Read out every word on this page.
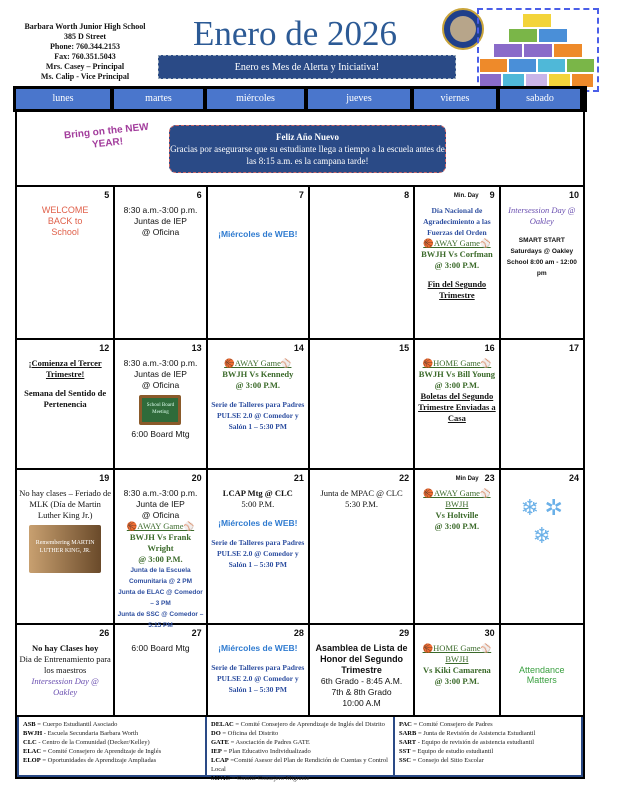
Barbara Worth Junior High School
385 D Street
Phone: 760.344.2153
Fax: 760.351.5043
Mrs. Casey – Principal
Ms. Calip - Vice Principal
Enero de 2026
Enero es Mes de Alerta y Iniciativa!
lunes	martes	miércoles	jueves	viernes	sabado
Bring on the NEW YEAR!	Feliz Año Nuevo
Gracias por asegurarse que su estudiante llega a tiempo a la escuela antes de las 8:15 a.m. es la campana tarde!
5
WELCOME BACK to School
6
8:30 a.m.-3:00 p.m.
Juntas de IEP
@ Oficina
7
¡Miércoles de WEB!
8	9
Min. Day
Día Nacional de Agradecimiento a las Fuerzas del Orden
🏀AWAY Game⚾
BWJH Vs Corfman
@ 3:00 P.M.
Fin del Segundo Trimestre
10
Intersession Day @ Oakley
SMART START Saturdays @ Oakley School 8:00 am - 12:00 pm
12
¡Comienza el Tercer Trimestre!
Semana del Sentido de Pertenencia
13
8:30 a.m.-3:00 p.m.
Juntas de IEP
@ Oficina
School Board Meeting
6:00 Board Mtg
14
🏀AWAY Game⚾
BWJH Vs Kennedy
@ 3:00 P.M.
Serie de Talleres para Padres PULSE 2.0 @ Comedor y Salón 1 – 5:30 PM
15	16
🏀HOME Game⚾
BWJH Vs Bill Young
@ 3:00 P.M.
Boletas del Segundo Trimestre Enviadas a Casa
17
19
No hay clases – Feriado de MLK (Día de Martin Luther King Jr.)
Remembering MARTIN LUTHER KING, JR.
20
8:30 a.m.-3:00 p.m.
Junta de IEP
@ Oficina
🏀AWAY Game⚾
BWJH Vs Frank Wright
@ 3:00 P.M.
Junta de la Escuela Comunitaria @ 2 PM
Junta de ELAC @ Comedor – 3 PM
Junta de SSC @ Comedor – 5:15 PM
21
LCAP Mtg @ CLC
5:00 P.M.
¡Miércoles de WEB!
Serie de Talleres para Padres PULSE 2.0 @ Comedor y Salón 1 – 5:30 PM
22
Junta de MPAC @ CLC 5:30 P.M.
23
Min Day
🏀AWAY Game⚾ BWJH
Vs Holtville
@ 3:00 P.M.
24
❄ ✲ ❄
26
No hay Clases hoy
Dia de Entrenamiento para los maestros
Intersession Day @ Oakley
27
6:00 Board Mtg
28
¡Miércoles de WEB!
Serie de Talleres para Padres PULSE 2.0 @ Comedor y Salón 1 – 5:30 PM
29
Asamblea de Lista de Honor del Segundo Trimestre
6th Grado - 8:45 A.M.
7th & 8th Grado
10:00 A.M
30
🏀HOME Game⚾ BWJH
Vs Kiki Camarena
@ 3:00 P.M.
Attendance Matters
ASB = Cuerpo Estudiantil Asociado
BWJH - Escuela Secundaria Barbara Worth
CLC - Centro de la Comunidad (Decker/Kelley)
ELAC = Comité Consejero de Aprendizaje de Inglés
ELOP = Oportunidades de Aprendizaje Ampliadas
DELAC = Comité Consejero de Aprendizaje de Inglés del Distrito
DO = Oficina del Distrito
GATE = Asociación de Padres GATE
IEP = Plan Educativo Individualizado
LCAP =Comité Asesor del Plan de Rendición de Cuentas y Control Local
MPAC = Comité Consejero Migrante
PAC = Comité Consejero de Padres
SARB = Junta de Revisión de Asistencia Estudiantil
SART - Equipo de revisión de asistencia estudiantil
SST = Equipo de estudio estudiantil
SSC = Consejo del Sitio Escolar
